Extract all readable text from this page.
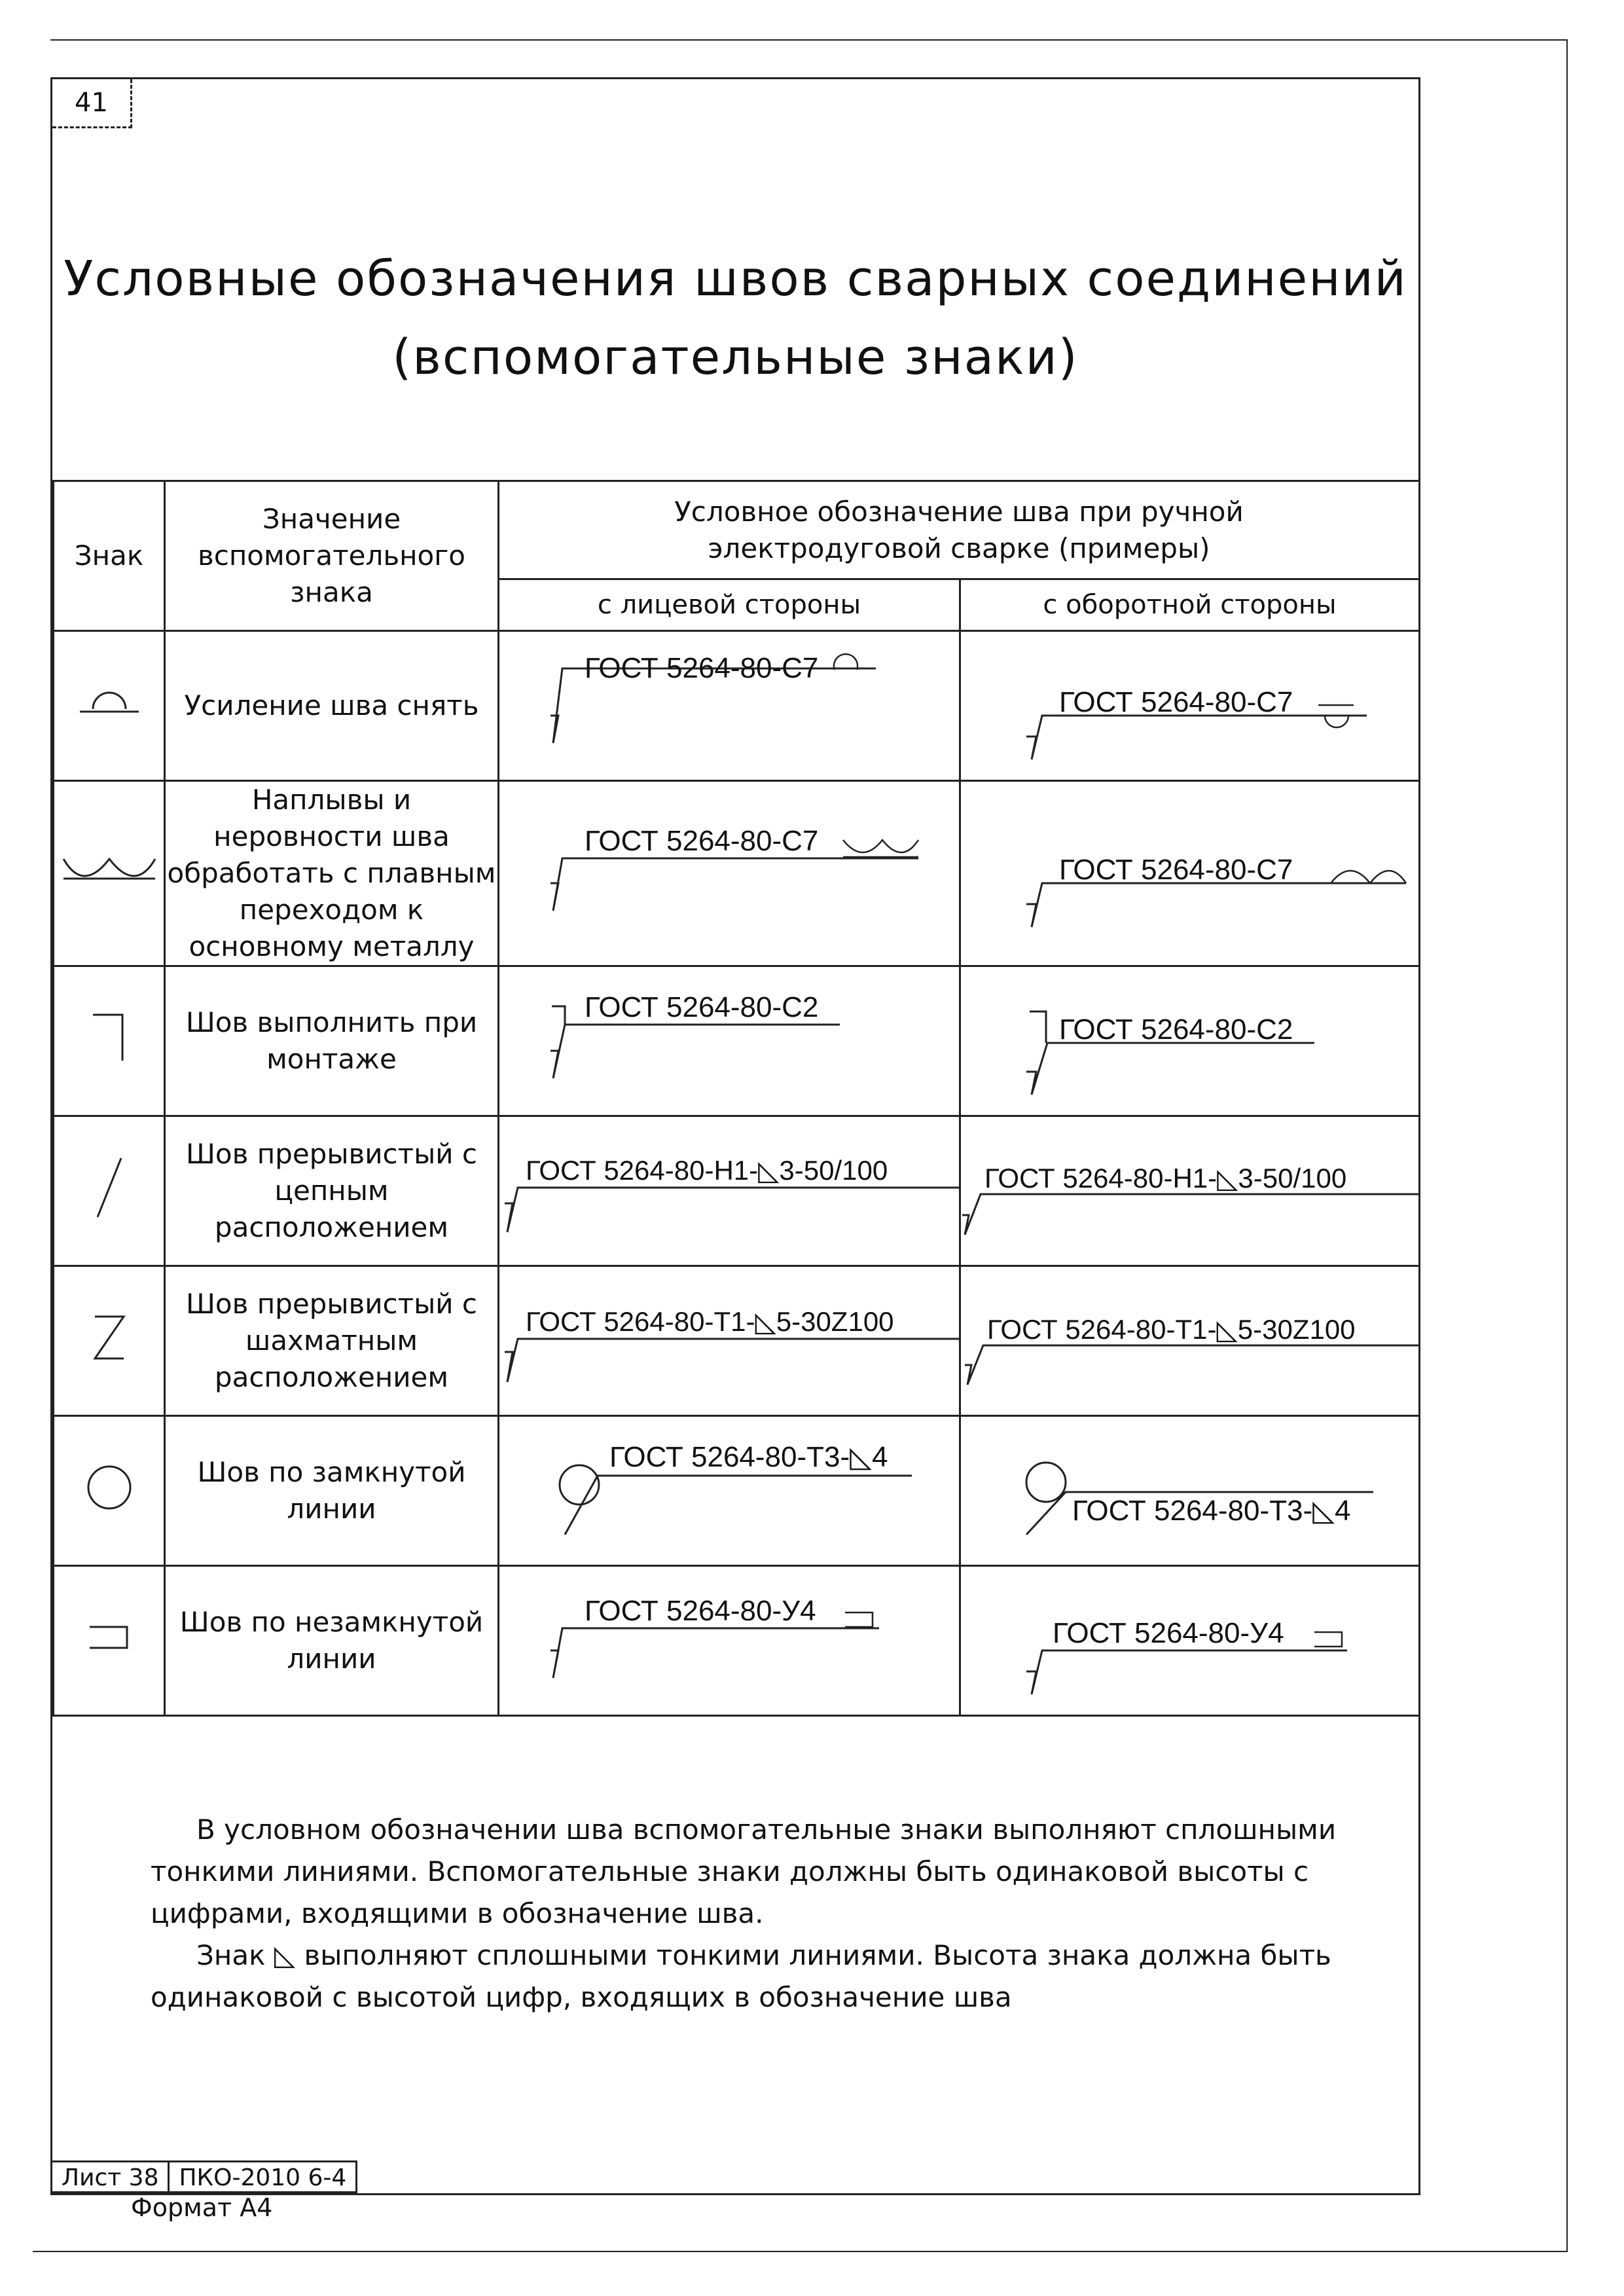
41
Условные обозначения швов сварных соединений
(вспомогательные знаки)
Знак	Значение вспомогательного знака	Условное обозначение шва при ручной электродуговой сварке (примеры)	
		с лицевой стороны	с оборотной стороны
	Усиление шва снять	ГОСТ 5264-80-С7	ГОСТ 5264-80-С7

	Наплывы и неровности шва обработать с плавным переходом к основному металлу	ГОСТ 5264-80-С7	ГОСТ 5264-80-С7

	Шов выполнить при монтаже	ГОСТ 5264-80-С2	ГОСТ 5264-80-С2

	Шов прерывистый с цепным расположением	ГОСТ 5264-80-Н1-◺3-50/100	ГОСТ 5264-80-Н1-◺3-50/100

	Шов прерывистый с шахматным расположением	ГОСТ 5264-80-Т1-◺5-30Z100	ГОСТ 5264-80-Т1-◺5-30Z100

	Шов по замкнутой линии	ГОСТ 5264-80-Т3-◺4	ГОСТ 5264-80-Т3-◺4

	Шов по незамкнутой линии	ГОСТ 5264-80-У4	ГОСТ 5264-80-У4

В условном обозначении шва вспомогательные знаки выполняют сплошными тонкими линиями. Вспомогательные знаки должны быть одинаковой высоты с цифрами, входящими в обозначение шва.

Знак ◺ выполняют сплошными тонкими линиями. Высота знака должна быть одинаковой с высотой цифр, входящих в обозначение шва

Лист 38 ПКО-2010 6-4
Формат А4
